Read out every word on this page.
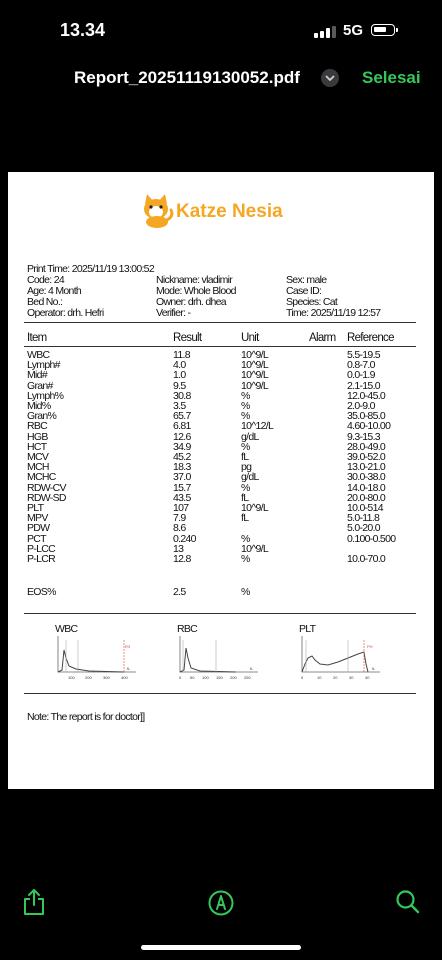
13.34	5G
Report_20251119130052.pdf	Selesai
Katze Nesia
Print Time: 2025/11/19 13:00:52
Code: 24
Age: 4 Month
Bed No.:
Operator: drh. Hefri
Nickname: vladimir
Mode: Whole Blood
Owner: drh. dhea
Verifier: -
Sex: male
Case ID:
Species: Cat
Time: 2025/11/19 12:57
Item	Result	Unit	Alarm Reference
WBC	11.8	10^9/L	5.5-19.5
Lymph#	4.0	10^9/L	0.8-7.0
Mid#	1.0	10^9/L	0.0-1.9
Gran#	9.5	10^9/L	2.1-15.0
Lymph%	30.8	%	12.0-45.0
Mid%	3.5	%	2.0-9.0
Gran%	65.7	%	35.0-85.0
RBC	6.81	10^12/L	4.60-10.00
HGB	12.6	g/dL	9.3-15.3
HCT	34.9	%	28.0-49.0
MCV	45.2	fL	39.0-52.0
MCH	18.3	pg	13.0-21.0
MCHC	37.0	g/dL	30.0-38.0
RDW-CV	15.7	%	14.0-18.0
RDW-SD	43.5	fL	20.0-80.0
PLT	107	10^9/L	10.0-514
MPV	7.9	fL	5.0-11.8
PDW	8.6	5.0-20.0
PCT	0.240	%	0.100-0.500
P-LCC	13	10^9/L
P-LCR	12.8	%	10.0-70.0
EOS%	2.5	%
WBC
R3
fL
100	200	300	400
RBC
fL
0 50 100 150 200 250
PLT
PH
fL
0	10	20	30	40
Note: The report is for doctor]]
